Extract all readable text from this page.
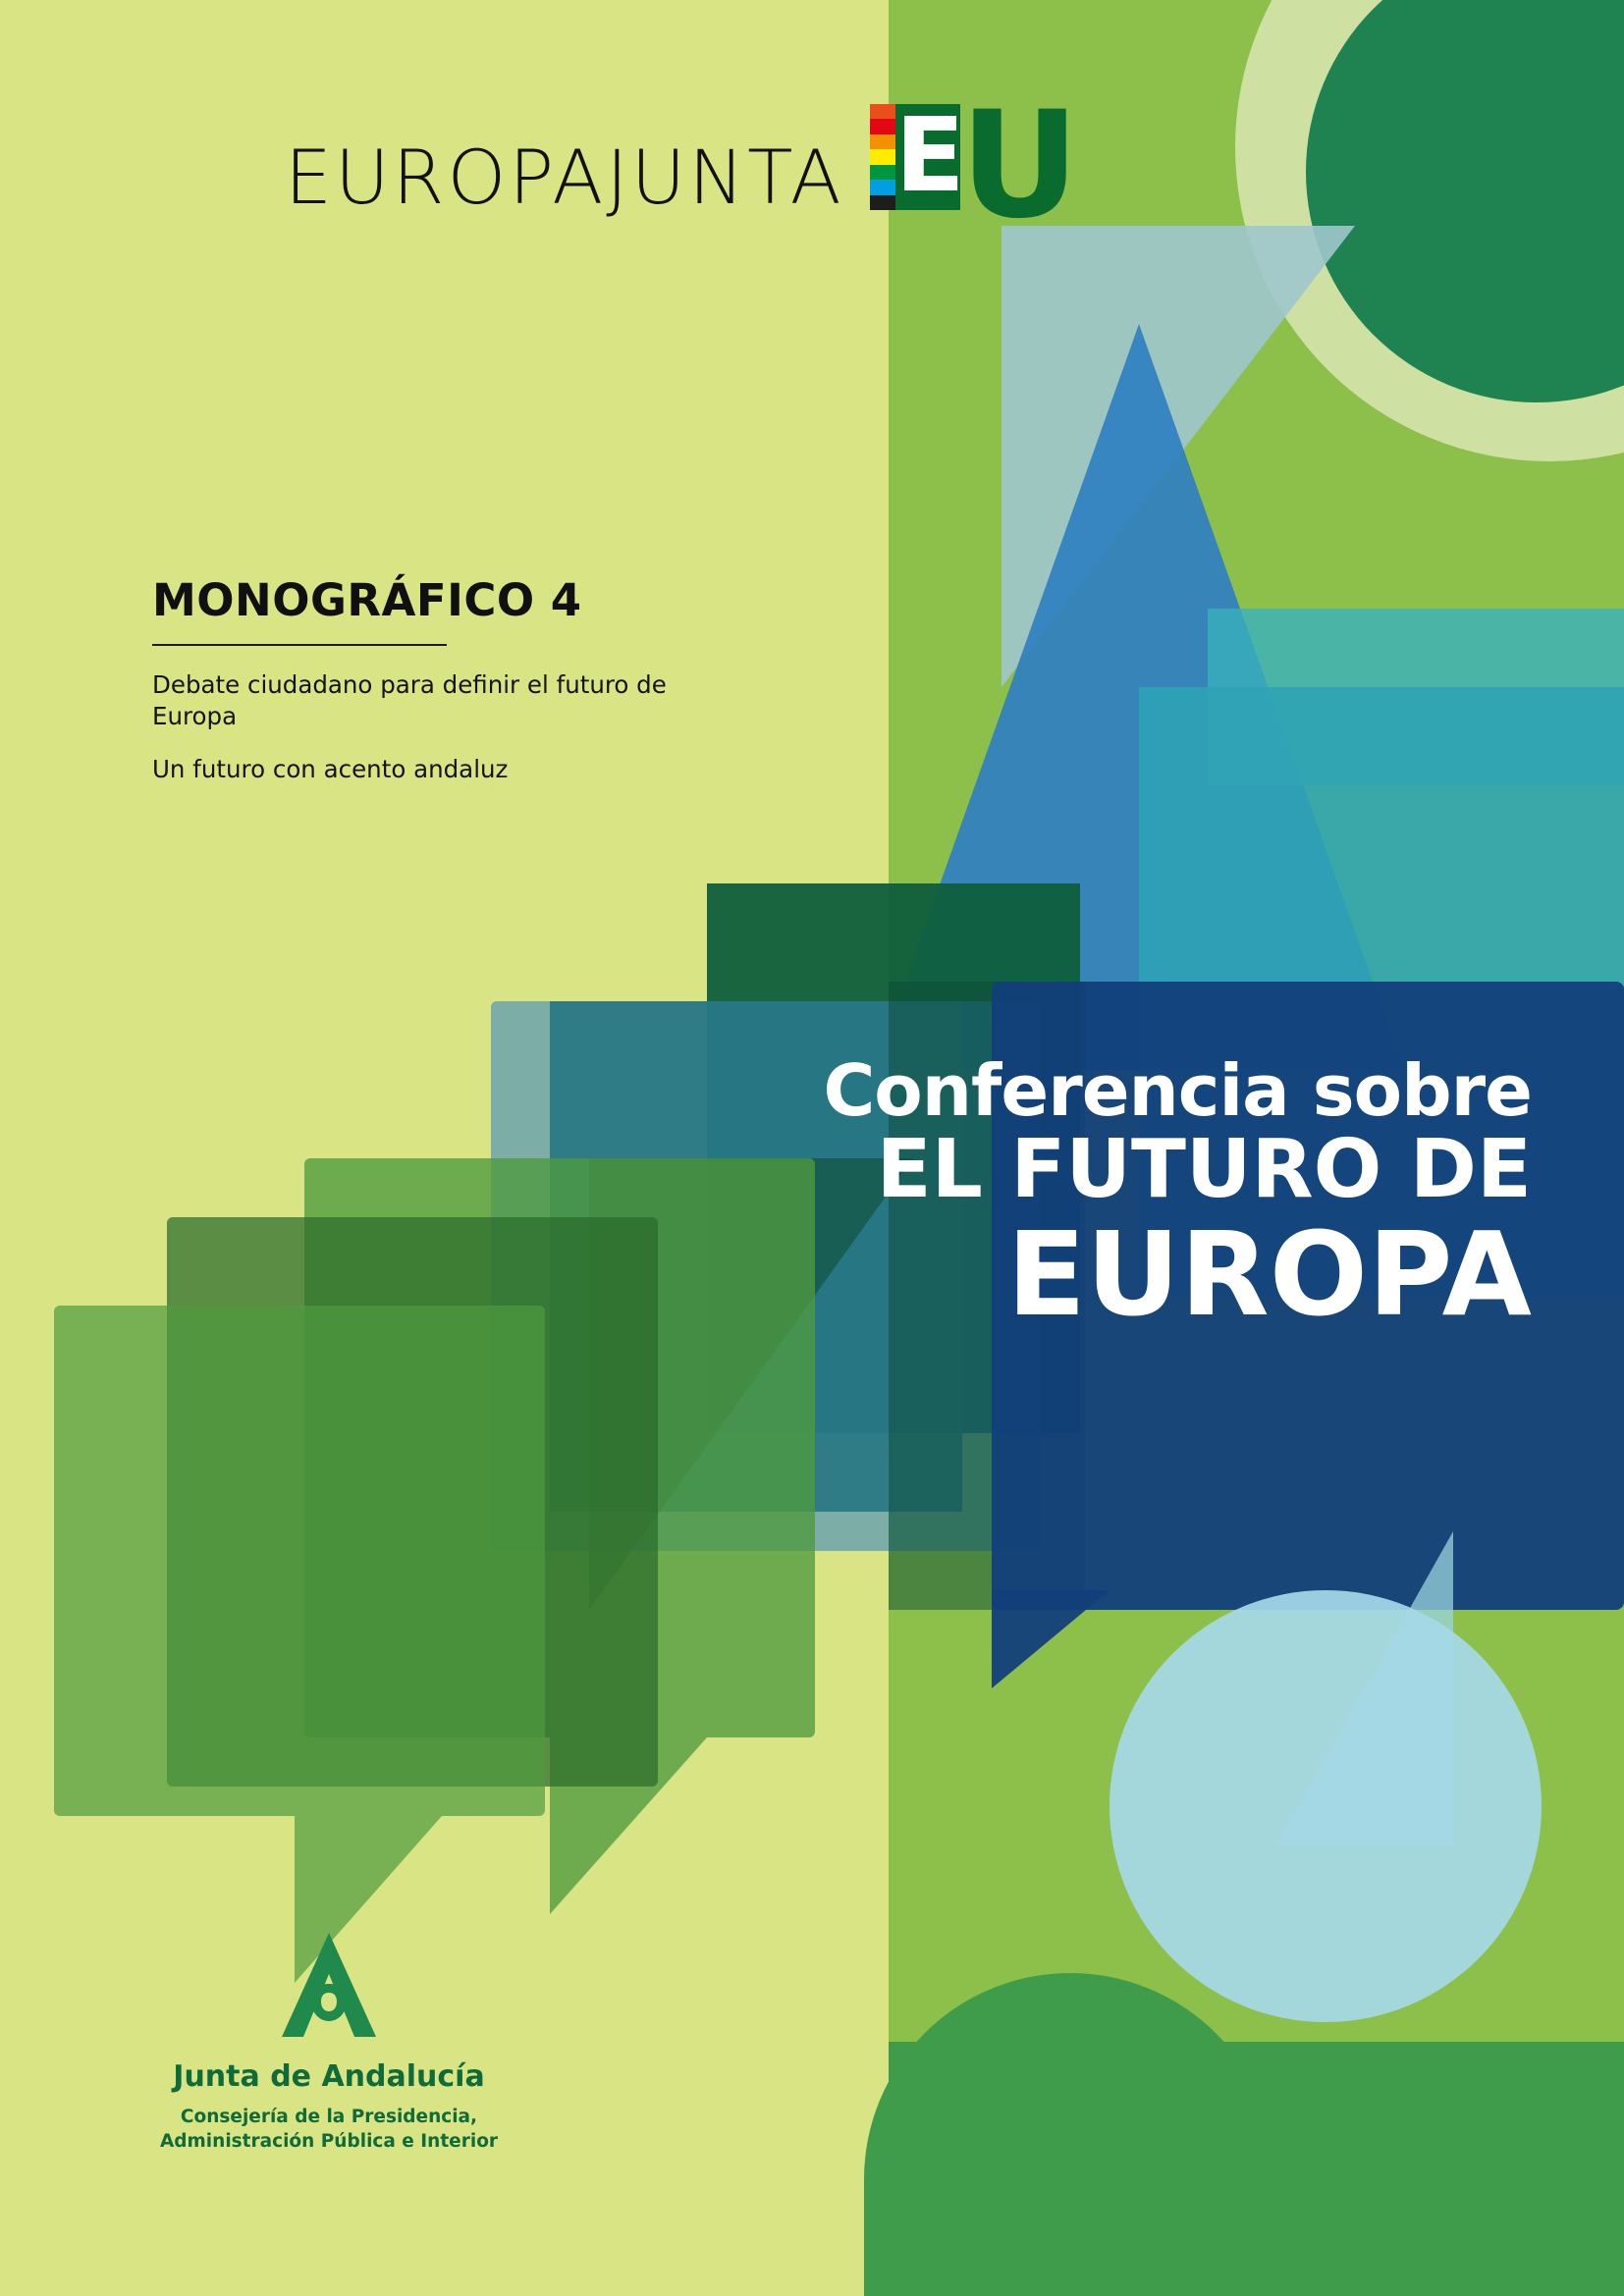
EUROPAJUNTA E
U
MONOGRÁFICO 4

Debate ciudadano para definir el futuro de Europa

Un futuro con acento andaluz

Conferencia sobre
EL FUTURO DE
EUROPA

Junta de Andalucía

Consejería de la Presidencia,

Administración Pública e Interior
